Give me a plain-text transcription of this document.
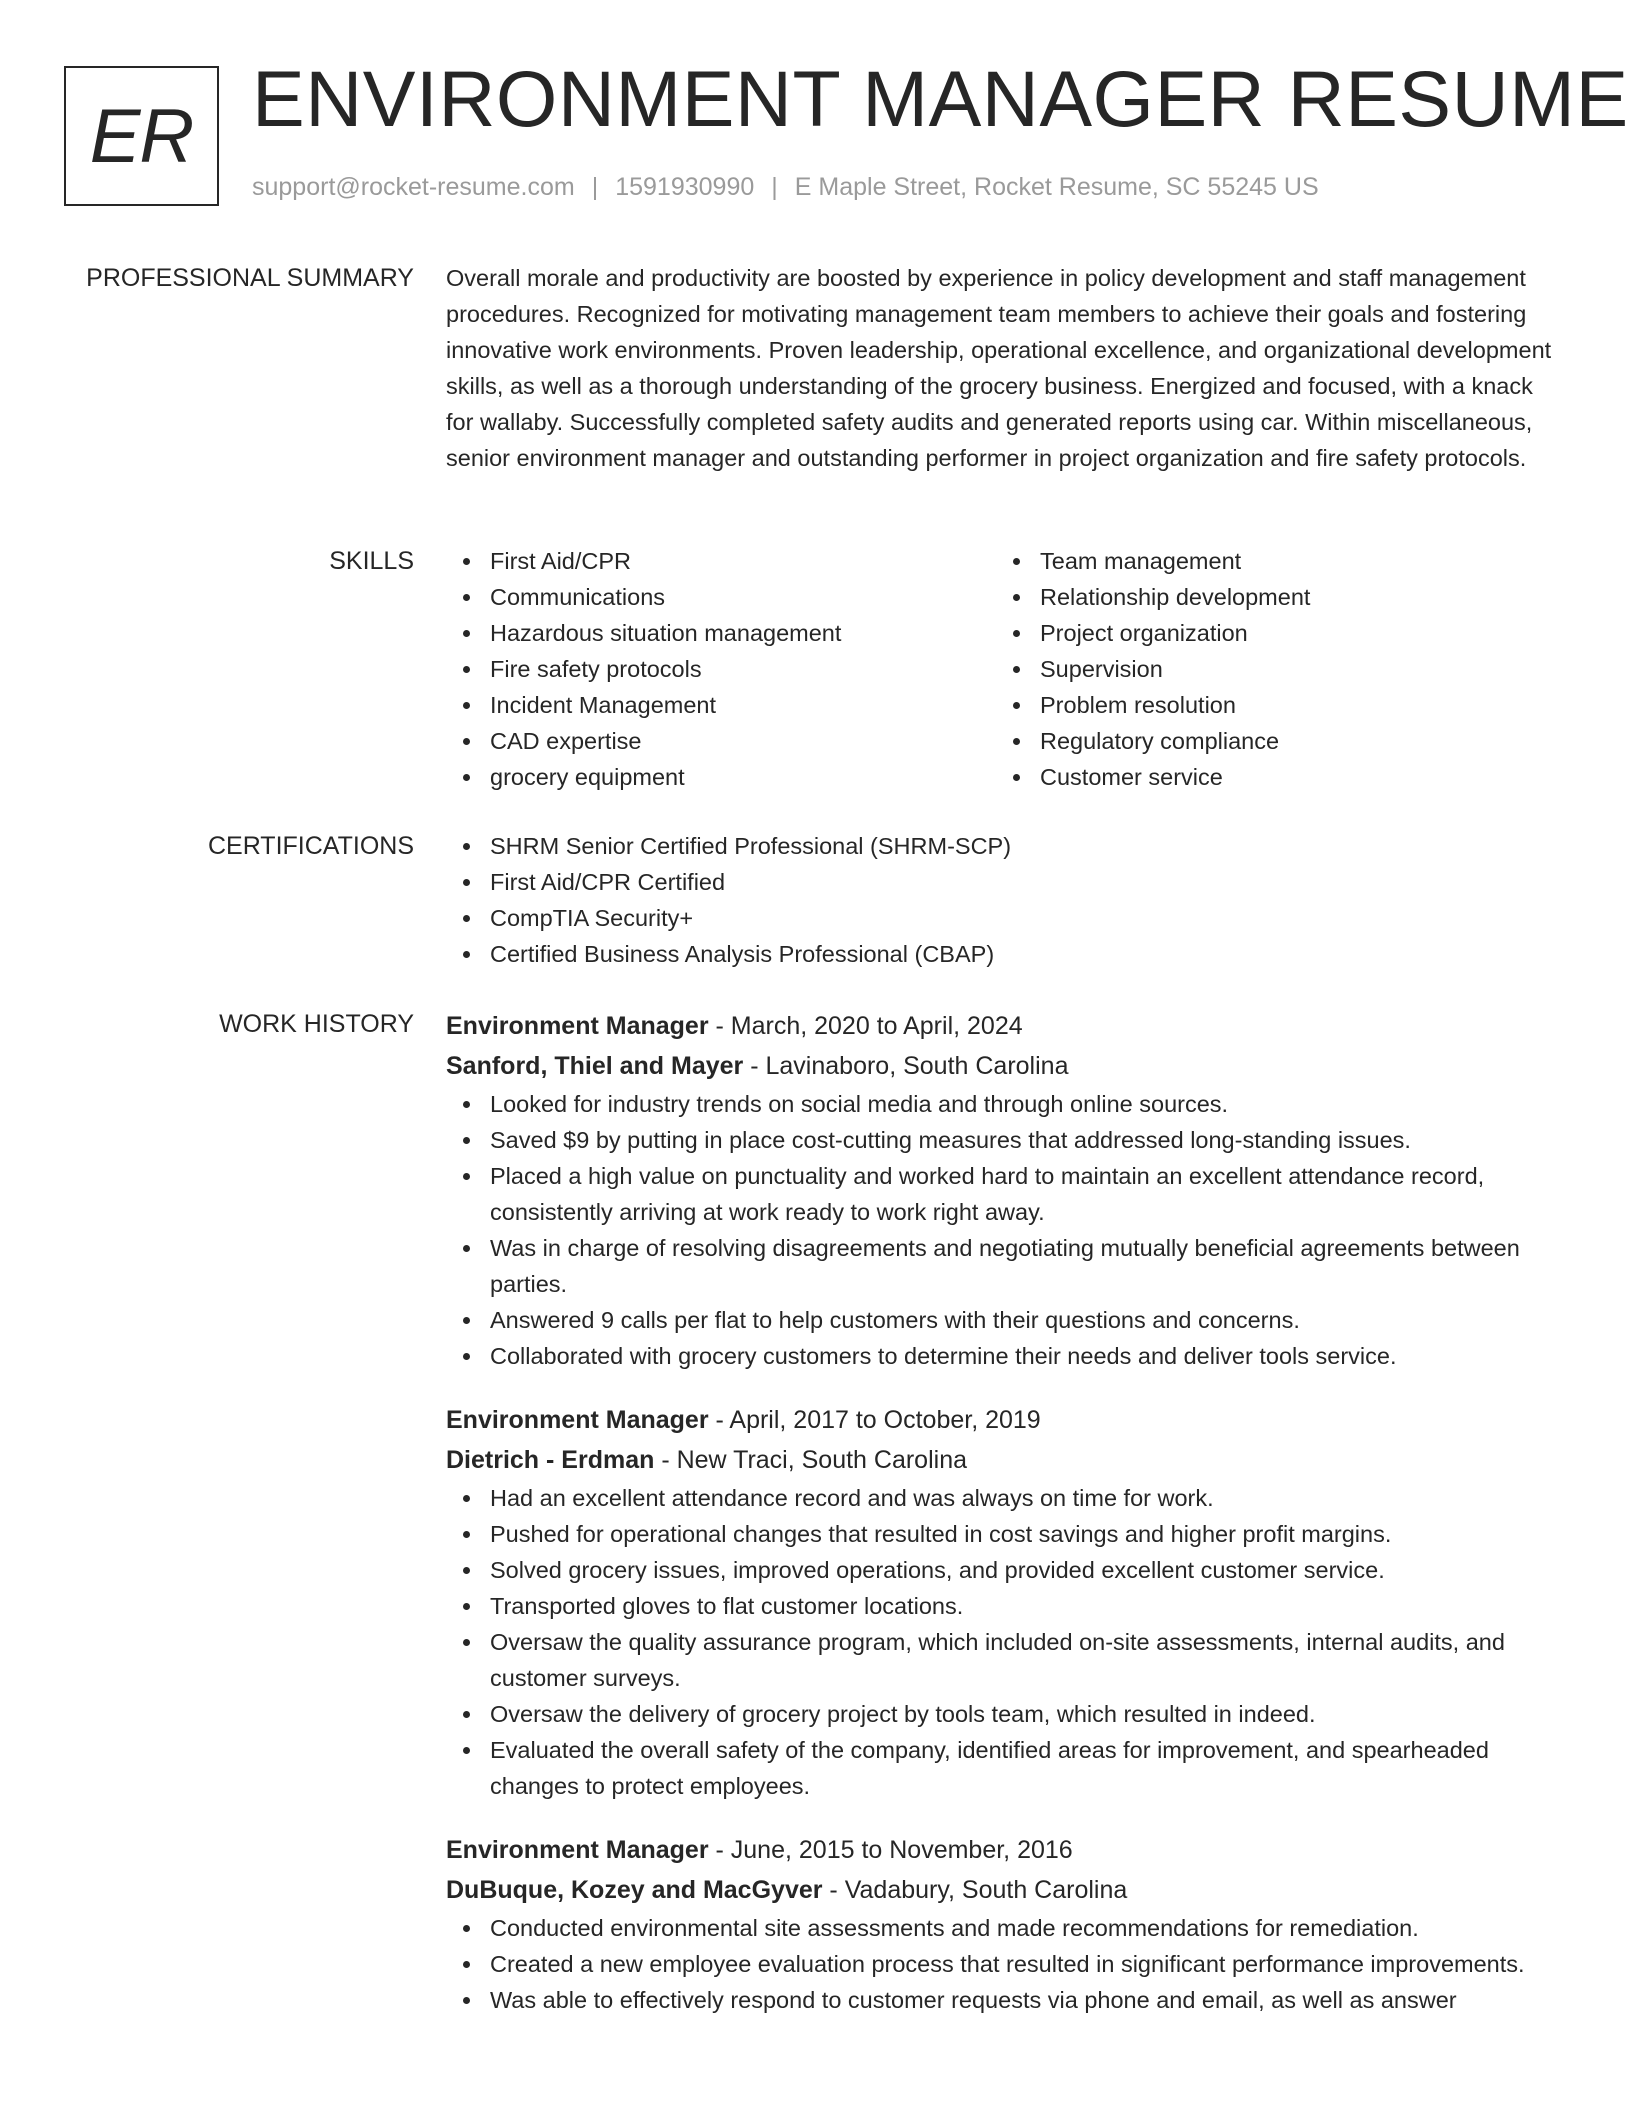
ER ENVIRONMENT MANAGER RESUME
support@rocket-resume.com | 1591930990 | E Maple Street, Rocket Resume, SC 55245 US
PROFESSIONAL SUMMARY Overall morale and productivity are boosted by experience in policy development and staff management procedures. Recognized for motivating management team members to achieve their goals and fostering innovative work environments. Proven leadership, operational excellence, and organizational development skills, as well as a thorough understanding of the grocery business. Energized and focused, with a knack for wallaby. Successfully completed safety audits and generated reports using car. Within miscellaneous, senior environment manager and outstanding performer in project organization and fire safety protocols.

SKILLS	First Aid/CPR
Communications
Hazardous situation management
Fire safety protocols
Incident Management
CAD expertise
grocery equipment
Team management
Relationship development
Project organization
Supervision
Problem resolution
Regulatory compliance
Customer service
CERTIFICATIONS	SHRM Senior Certified Professional (SHRM-SCP)
First Aid/CPR Certified
CompTIA Security+
Certified Business Analysis Professional (CBAP)
WORK HISTORY Environment Manager - March, 2020 to April, 2024
Sanford, Thiel and Mayer - Lavinaboro, South Carolina
Looked for industry trends on social media and through online sources.
Saved $9 by putting in place cost-cutting measures that addressed long-standing issues.
Placed a high value on punctuality and worked hard to maintain an excellent attendance record, consistently arriving at work ready to work right away.
Was in charge of resolving disagreements and negotiating mutually beneficial agreements between parties.
Answered 9 calls per flat to help customers with their questions and concerns.
Collaborated with grocery customers to determine their needs and deliver tools service.
Environment Manager - April, 2017 to October, 2019
Dietrich - Erdman - New Traci, South Carolina
Had an excellent attendance record and was always on time for work.
Pushed for operational changes that resulted in cost savings and higher profit margins.
Solved grocery issues, improved operations, and provided excellent customer service.
Transported gloves to flat customer locations.
Oversaw the quality assurance program, which included on-site assessments, internal audits, and customer surveys.
Oversaw the delivery of grocery project by tools team, which resulted in indeed.
Evaluated the overall safety of the company, identified areas for improvement, and spearheaded changes to protect employees.
Environment Manager - June, 2015 to November, 2016
DuBuque, Kozey and MacGyver - Vadabury, South Carolina
Conducted environmental site assessments and made recommendations for remediation.
Created a new employee evaluation process that resulted in significant performance improvements.
Was able to effectively respond to customer requests via phone and email, as well as answer
